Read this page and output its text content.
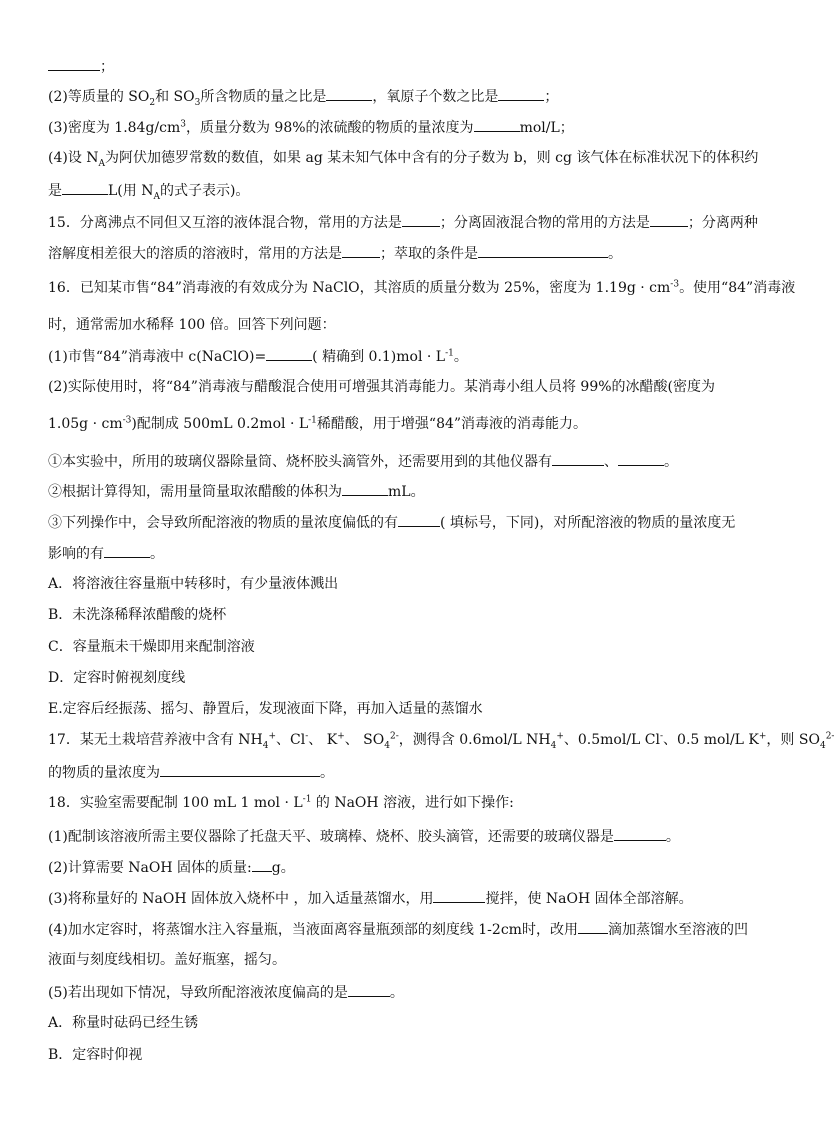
；
(2)等质量的 $SO_2$和 $SO_3$所含物质的量之比是	，氧原子个数之比是	；
(3)密度为 $1.84g/cm^3$，质量分数为 98%的浓硫酸的物质的量浓度为	mol/L；
(4)设 $N_A$为阿伏加德罗常数的数值，如果 ag 某未知气体中含有的分子数为 b，则 cg 该气体在标准状况下的体积约
是	L(用 $N_A$的式子表示)。
15．分离沸点不同但又互溶的液体混合物，常用的方法是	；分离固液混合物的常用的方法是	；分离两种
溶解度相差很大的溶质的溶液时，常用的方法是	；萃取的条件是	。
16．已知某市售“84”消毒液的有效成分为 NaClO，其溶质的质量分数为 25%，密度为 $1.19g \cdot cm^{-3}$。使用“84”消毒液
时，通常需加水稀释 100 倍。回答下列问题：
(1)市售“84”消毒液中 c(NaClO)=	( 精确到 $0.1)mol \cdot L^{-1}$。
(2)实际使用时，将“84”消毒液与醋酸混合使用可增强其消毒能力。某消毒小组人员将 99%的冰醋酸(密度为
$1.05g \cdot cm^{-3}$)配制成 500mL $0.2mol \cdot L^{-1}$稀醋酸，用于增强“84”消毒液的消毒能力。
①本实验中，所用的玻璃仪器除量筒、烧杯胶头滴管外，还需要用到的其他仪器有	、	。
②根据计算得知，需用量筒量取浓醋酸的体积为	mL。
③下列操作中，会导致所配溶液的物质的量浓度偏低的有	( 填标号，下同)，对所配溶液的物质的量浓度无
影响的有	。
A．将溶液往容量瓶中转移时，有少量液体溅出
B．未洗涤稀释浓醋酸的烧杯
C．容量瓶未干燥即用来配制溶液
D．定容时俯视刻度线
E.定容后经振荡、摇匀、静置后，发现液面下降，再加入适量的蒸馏水
17．某无土栽培营养液中含有 $NH_4^+$、Cl-、 K+、 $SO_4^{2-}$，测得含 0.6mol/L $NH_4^+$、0.5mol/L Cl-、0.5 mol/L K+，则 $SO_4^{2-}$
的物质的量浓度为	。
18．实验室需要配制 100 mL 1 mol · $L^{-1}$ 的 NaOH 溶液，进行如下操作:
(1)配制该溶液所需主要仪器除了托盘天平、玻璃棒、烧杯、胶头滴管，还需要的玻璃仪器是	。
(2)计算需要 NaOH 固体的质量: g。
(3)将称量好的 NaOH 固体放入烧杯中 ，加入适量蒸馏水，用	搅拌，使 NaOH 固体全部溶解。
(4)加水定容时，将蒸馏水注入容量瓶，当液面离容量瓶颈部的刻度线 1-2cm时，改用 滴加蒸馏水至溶液的凹
液面与刻度线相切。盖好瓶塞，摇匀。
(5)若出现如下情况，导致所配溶液浓度偏高的是	。
A．称量时砝码已经生锈
B．定容时仰视
